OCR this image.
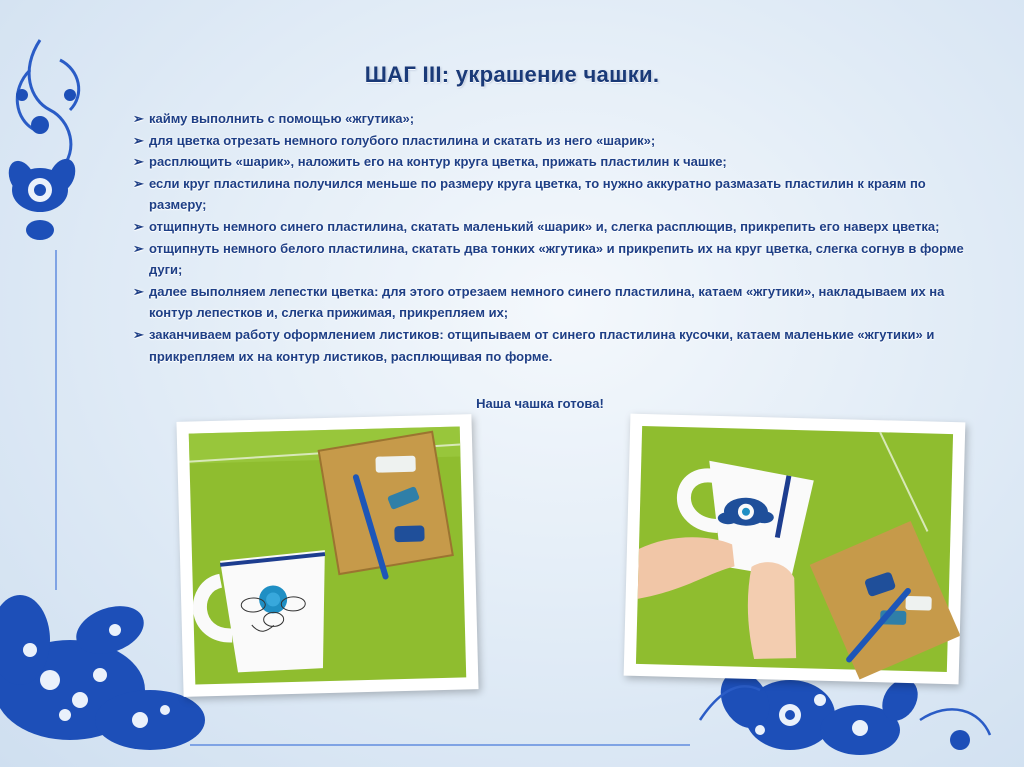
ШАГ III: украшение чашки.
➢ кайму выполнить с помощью «жгутика»;
➢ для цветка отрезать немного голубого пластилина и скатать из него «шарик»;
➢ расплющить «шарик», наложить его на контур круга цветка, прижать пластилин к чашке;
➢ если круг пластилина получился меньше по размеру круга цветка, то нужно аккуратно размазать пластилин к краям по размеру;
➢ отщипнуть немного синего пластилина, скатать маленький «шарик» и, слегка расплющив, прикрепить его наверх цветка;
➢ отщипнуть немного белого пластилина, скатать два тонких «жгутика» и прикрепить их на круг цветка, слегка согнув в форме дуги;
➢ далее выполняем лепестки цветка: для этого отрезаем немного синего пластилина, катаем «жгутики», накладываем их на контур лепестков и, слегка прижимая, прикрепляем их;
➢ заканчиваем работу оформлением листиков: отщипываем от синего пластилина кусочки, катаем маленькие «жгутики» и прикрепляем их на контур листиков, расплющивая по форме.
Наша чашка готова!
